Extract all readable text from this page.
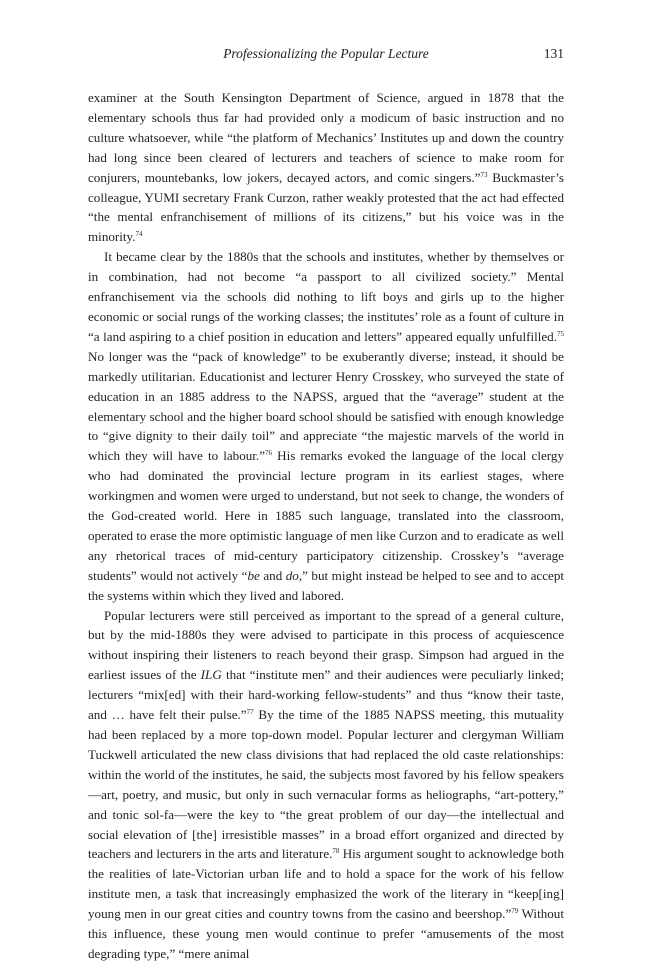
Professionalizing the Popular Lecture	131

examiner at the South Kensington Department of Science, argued in 1878 that the elementary schools thus far had provided only a modicum of basic instruction and no culture whatsoever, while “the platform of Mechanics’ Institutes up and down the country had long since been cleared of lecturers and teachers of science to make room for conjurers, mountebanks, low jokers, decayed actors, and comic singers.”$^{73}$ Buckmaster’s colleague, YUMI secretary Frank Curzon, rather weakly protested that the act had effected “the mental enfranchisement of millions of its citizens,” but his voice was in the minority.$^{74}$

It became clear by the 1880s that the schools and institutes, whether by themselves or in combination, had not become “a passport to all civilized society.” Mental enfranchisement via the schools did nothing to lift boys and girls up to the higher economic or social rungs of the working classes; the institutes’ role as a fount of culture in “a land aspiring to a chief position in education and letters” appeared equally unfulfilled.$^{75}$ No longer was the “pack of knowledge” to be exuberantly diverse; instead, it should be markedly utilitarian. Educationist and lecturer Henry Crosskey, who surveyed the state of education in an 1885 address to the NAPSS, argued that the “average” student at the elementary school and the higher board school should be satisfied with enough knowledge to “give dignity to their daily toil” and appreciate “the majestic marvels of the world in which they will have to labour.”$^{76}$ His remarks evoked the language of the local clergy who had dominated the provincial lecture program in its earliest stages, where workingmen and women were urged to understand, but not seek to change, the wonders of the God-created world. Here in 1885 such language, translated into the classroom, operated to erase the more optimistic language of men like Curzon and to eradicate as well any rhetorical traces of mid-century participatory citizenship. Crosskey’s “average students” would not actively “be and do,” but might instead be helped to see and to accept the systems within which they lived and labored.

Popular lecturers were still perceived as important to the spread of a general culture, but by the mid-1880s they were advised to participate in this process of acquiescence without inspiring their listeners to reach beyond their grasp. Simpson had argued in the earliest issues of the ILG that “institute men” and their audiences were peculiarly linked; lecturers “mix[ed] with their hard-working fellow-students” and thus “know their taste, and … have felt their pulse.”$^{77}$ By the time of the 1885 NAPSS meeting, this mutuality had been replaced by a more top-down model. Popular lecturer and clergyman William Tuckwell articulated the new class divisions that had replaced the old caste relationships: within the world of the institutes, he said, the subjects most favored by his fellow speakers—art, poetry, and music, but only in such vernacular forms as heliographs, “art-pottery,” and tonic sol-fa—were the key to “the great problem of our day—the intellectual and social elevation of [the] irresistible masses” in a broad effort organized and directed by teachers and lecturers in the arts and literature.$^{78}$ His argument sought to acknowledge both the realities of late-Victorian urban life and to hold a space for the work of his fellow institute men, a task that increasingly emphasized the work of the literary in “keep[ing] young men in our great cities and country towns from the casino and beershop.”$^{79}$ Without this influence, these young men would continue to prefer “amusements of the most degrading type,” “mere animal
